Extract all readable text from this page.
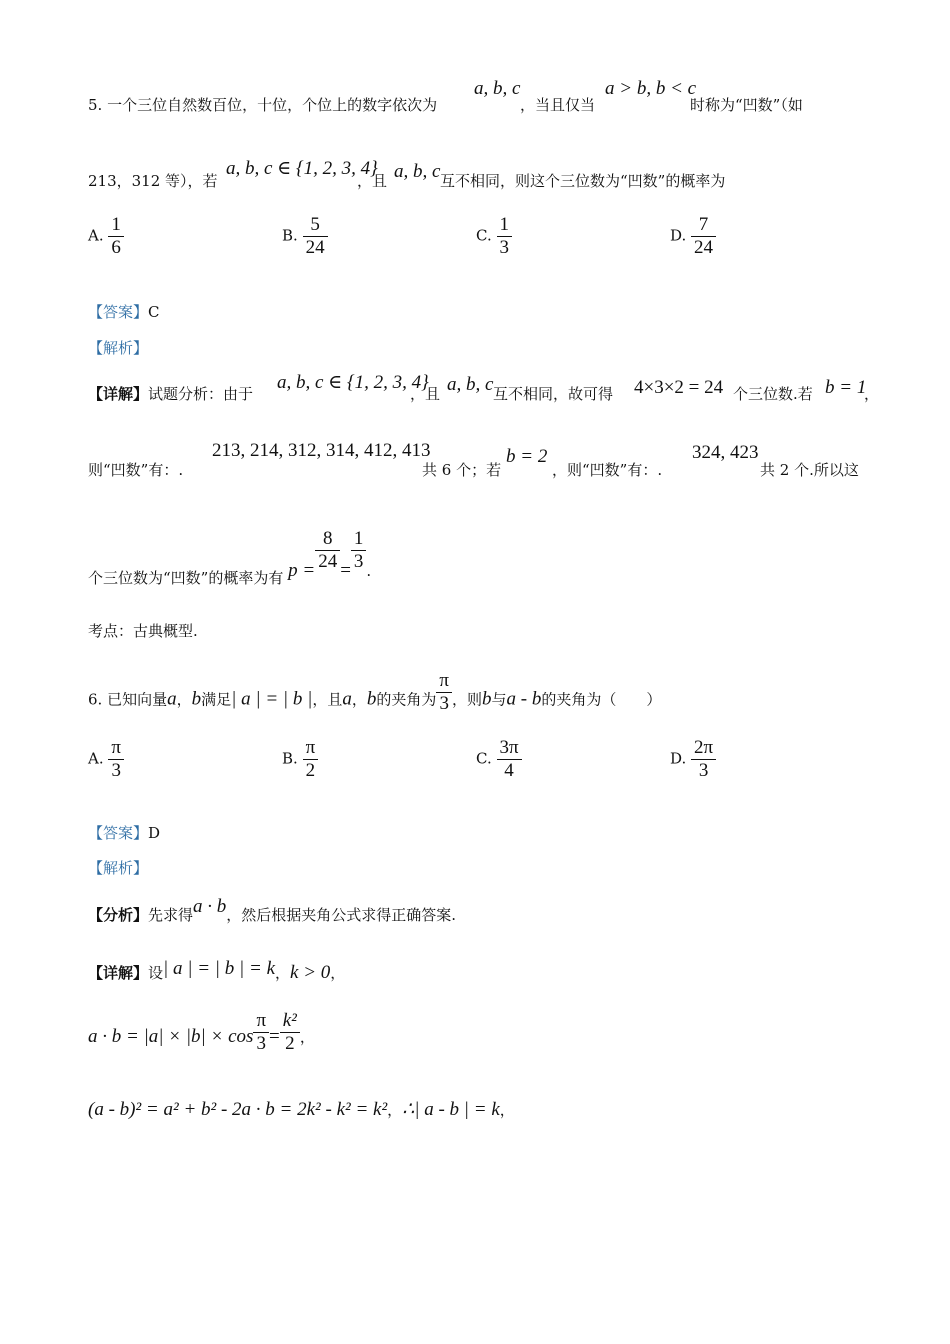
5. 一个三位自然数百位，十位，个位上的数字依次为
a, b, c
，当且仅当
a > b, b < c
时称为“凹数”（如
213，312 等），若
a, b, c ∈ {1, 2, 3, 4}
，且 a, b, c 互不相同，则这个三位数为“凹数”的概率为
A. $\frac{1}{6}$	B. $\frac{5}{24}$	C. $\frac{1}{3}$	D. $\frac{7}{24}$
【答案】C
【解析】
【详解】试题分析：由于
a, b, c ∈ {1, 2, 3, 4}
，且 a, b, c 互不相同，故可得 4×3×2 = 24 个三位数.若 b = 1
，
则“凹数”有：.
213, 214, 312, 314, 412, 413
共 6 个；若
b = 2
，则“凹数”有：.
324, 423
共 2 个.所以这
个三位数为“凹数”的概率为有 $p = \frac{8}{24} = \frac{1}{3}$ .
考点：古典概型.
6. 已知向量a，b满足| a | = | b |，且a，b的夹角为 $\frac{\pi}{3}$ ，则b与a - b的夹角为（　　）
A. $\frac{\pi}{3}$	B. $\frac{\pi}{2}$	C. $\frac{3\pi}{4}$	D. $\frac{2\pi}{3}$
【答案】D
【解析】
【分析】先求得a · b，然后根据夹角公式求得正确答案.
【详解】设| a | = | b | = k，k > 0，
$a \cdot b = |a| \times |b| \times \cos \frac{\pi}{3} = \frac{\text{k²}}{2}$ ，
(a - b)² = a² + b² - 2a · b = 2k² - k² = k²，∴| a - b | = k，
